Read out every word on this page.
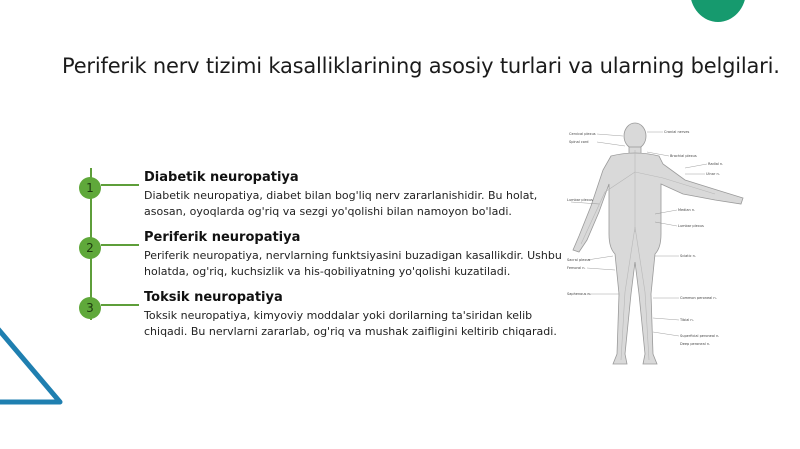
Periferik nerv tizimi kasalliklarining asosiy turlari va ularning belgilari.
1
Diabetik neuropatiya
Diabetik neuropatiya, diabet bilan bog'liq nerv zararlanishidir. Bu holat, asosan, oyoqlarda og'riq va sezgi yo'qolishi bilan namoyon bo'ladi.
2
Periferik neuropatiya
Periferik neuropatiya, nervlarning funktsiyasini buzadigan kasallikdir. Ushbu holatda, og'riq, kuchsizlik va his-qobiliyatning yo'qolishi kuzatiladi.
3
Toksik neuropatiya
Toksik neuropatiya, kimyoviy moddalar yoki dorilarning ta'siridan kelib chiqadi. Bu nervlarni zararlab, og'riq va mushak zaifligini keltirib chiqaradi.
Cervical plexus
Spinal cord
Lumbar plexus
Sacral plexus
Femoral n.
Saphenous n.
Cranial nerves
Brachial plexus
Radial n.
Ulnar n.
Median n.
Lumbar plexus
Sciatic n.
Common peroneal n.
Tibial n.
Superficial peroneal n.
Deep peroneal n.
